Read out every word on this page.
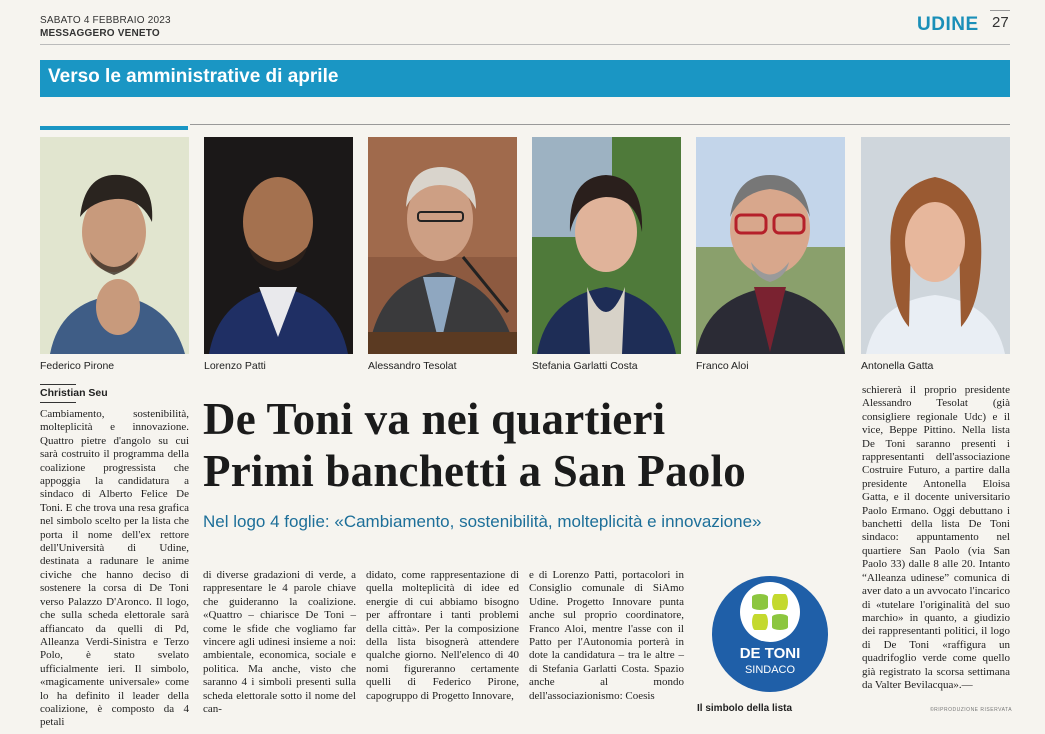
SABATO 4 FEBBRAIO 2023
MESSAGGERO VENETO	UDINE 27
Verso le amministrative di aprile
Federico Pirone	Lorenzo Patti	Alessandro Tesolat	Stefania Garlatti Costa	Franco Aloi	Antonella Gatta
Christian Seu
De Toni va nei quartieri
Primi banchetti a San Paolo
Nel logo 4 foglie: «Cambiamento, sostenibilità, molteplicità e innovazione»

Cambiamento, sostenibilità, molteplicità e innovazione. Quattro pietre d'angolo su cui sarà costruito il programma della coalizione progressista che appoggia la candidatura a sindaco di Alberto Felice De Toni. E che trova una resa grafica nel simbolo scelto per la lista che porta il nome dell'ex rettore dell'Università di Udine, destinata a radunare le anime civiche che hanno deciso di sostenere la corsa di De Toni verso Palazzo D'Aronco. Il logo, che sulla scheda elettorale sarà affiancato da quelli di Pd, Alleanza Verdi-Sinistra e Terzo Polo, è stato svelato ufficialmente ieri. Il simbolo, «magicamente universale» come lo ha definito il leader della coalizione, è composto da 4 petali

di diverse gradazioni di verde, a rappresentare le 4 parole chiave che guideranno la coalizione. «Quattro – chiarisce De Toni – come le sfide che vogliamo far vincere agli udinesi insieme a noi: ambientale, economica, sociale e politica. Ma anche, visto che saranno 4 i simboli presenti sulla scheda elettorale sotto il nome del can-

didato, come rappresentazione di quella molteplicità di idee ed energie di cui abbiamo bisogno per affrontare i tanti problemi della città». Per la composizione della lista bisognerà attendere qualche giorno. Nell'elenco di 40 nomi figureranno certamente quelli di Federico Pirone, capogruppo di Progetto Innovare,

e di Lorenzo Patti, portacolori in Consiglio comunale di SiAmo Udine. Progetto Innovare punta anche sul proprio coordinatore, Franco Aloi, mentre l'asse con il Patto per l'Autonomia porterà in dote la candidatura – tra le altre – di Stefania Garlatti Costa. Spazio anche al mondo dell'associazionismo: Coesis

schiererà il proprio presidente Alessandro Tesolat (già consigliere regionale Udc) e il vice, Beppe Pittino. Nella lista De Toni saranno presenti i rappresentanti dell'associazione Costruire Futuro, a partire dalla presidente Antonella Eloisa Gatta, e il docente universitario Paolo Ermano. Oggi debuttano i banchetti della lista De Toni sindaco: appuntamento nel quartiere San Paolo (via San Paolo 33) dalle 8 alle 20. Intanto “Alleanza udinese” comunica di aver dato a un avvocato l'incarico di «tutelare l'originalità del suo marchio» in quanto, a giudizio dei rappresentanti politici, il logo di De Toni «raffigura un quadrifoglio verde come quello già registrato la scorsa settimana da Valter Bevilacqua».—

DE TONI
SINDACO
Il simbolo della lista	©RIPRODUZIONE RISERVATA
